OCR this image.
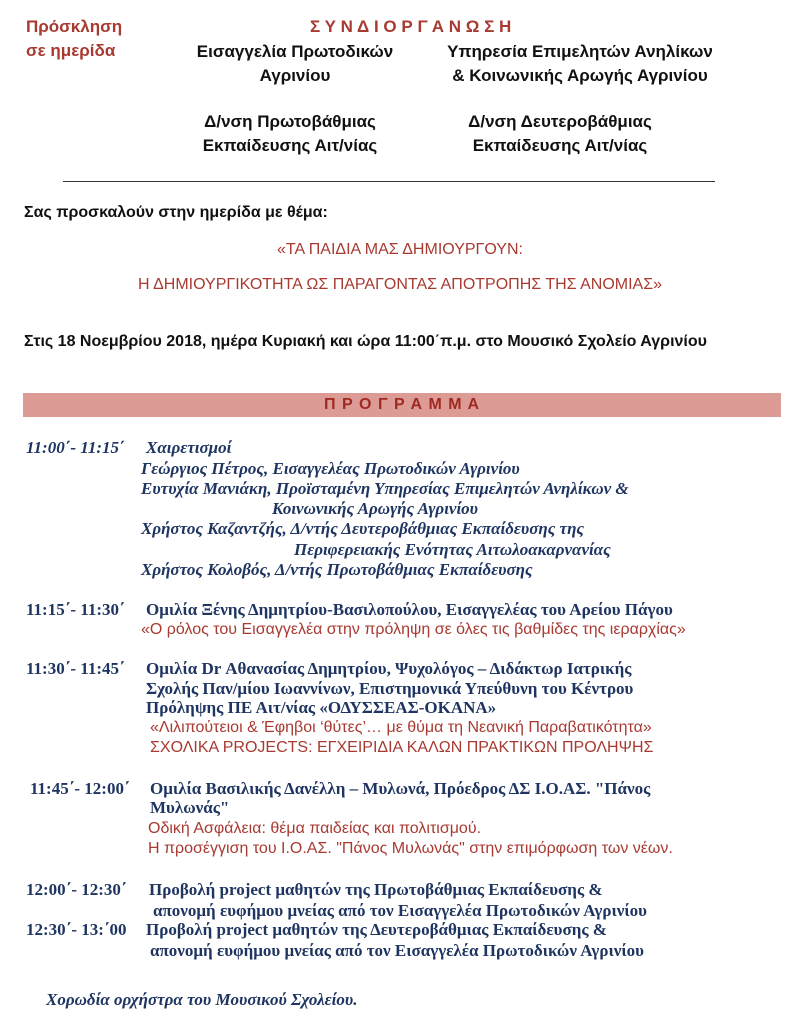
Πρόσκληση
σε ημερίδα
Σ Υ Ν Δ Ι Ο Ρ Γ Α Ν Ω Σ Η
Εισαγγελία Πρωτοδικών
Αγρινίου
Υπηρεσία Επιμελητών Ανηλίκων
& Κοινωνικής Αρωγής Αγρινίου
Δ/νση Πρωτοβάθμιας
Εκπαίδευσης Αιτ/νίας
Δ/νση Δευτεροβάθμιας
Εκπαίδευσης Αιτ/νίας
Σας προσκαλούν στην ημερίδα με θέμα:
«ΤΑ ΠΑΙΔΙΑ ΜΑΣ ΔΗΜΙΟΥΡΓΟΥΝ:
Η ΔΗΜΙΟΥΡΓΙΚΟΤΗΤΑ ΩΣ ΠΑΡΑΓΟΝΤΑΣ ΑΠΟΤΡΟΠΗΣ ΤΗΣ ΑΝΟΜΙΑΣ»
Στις 18 Νοεμβρίου 2018, ημέρα Κυριακή και ώρα 11:00΄π.μ. στο Μουσικό Σχολείο Αγρινίου
Π Ρ Ο Γ Ρ Α Μ Μ Α
11:00΄- 11:15΄ Χαιρετισμοί
Γεώργιος Πέτρος, Εισαγγελέας Πρωτοδικών Αγρινίου
Ευτυχία Μανιάκη, Προϊσταμένη Υπηρεσίας Επιμελητών Ανηλίκων &
Κοινωνικής Αρωγής Αγρινίου
Χρήστος Καζαντζής, Δ/ντής Δευτεροβάθμιας Εκπαίδευσης της
Περιφερειακής Ενότητας Αιτωλοακαρνανίας
Χρήστος Κολοβός, Δ/ντής Πρωτοβάθμιας Εκπαίδευσης
11:15΄- 11:30΄ Ομιλία Ξένης Δημητρίου-Βασιλοπούλου, Εισαγγελέας του Αρείου Πάγου
«Ο ρόλος του Εισαγγελέα στην πρόληψη σε όλες τις βαθμίδες της ιεραρχίας»
11:30΄- 11:45΄ Ομιλία Dr Αθανασίας Δημητρίου, Ψυχολόγος – Διδάκτωρ Ιατρικής
Σχολής Παν/μίου Ιωαννίνων, Επιστημονικά Υπεύθυνη του Κέντρου
Πρόληψης ΠΕ Αιτ/νίας «ΟΔΥΣΣΕΑΣ-ΟΚΑΝΑ»
«Λιλιπούτειοι & Έφηβοι ‘θύτες’… με θύμα τη Νεανική Παραβατικότητα»
ΣΧΟΛΙΚΑ PROJECTS: ΕΓΧΕΙΡΙΔΙΑ ΚΑΛΩΝ ΠΡΑΚΤΙΚΩΝ ΠΡΟΛΗΨΗΣ
11:45΄- 12:00΄ Ομιλία Βασιλικής Δανέλλη – Μυλωνά, Πρόεδρος ΔΣ Ι.Ο.ΑΣ. "Πάνος
Μυλωνάς"
Οδική Ασφάλεια: θέμα παιδείας και πολιτισμού.
Η προσέγγιση του Ι.Ο.ΑΣ. "Πάνος Μυλωνάς" στην επιμόρφωση των νέων.
12:00΄- 12:30΄ Προβολή project μαθητών της Πρωτοβάθμιας Εκπαίδευσης &
απονομή ευφήμου μνείας από τον Εισαγγελέα Πρωτοδικών Αγρινίου
12:30΄- 13:΄00 Προβολή project μαθητών της Δευτεροβάθμιας Εκπαίδευσης &
απονομή ευφήμου μνείας από τον Εισαγγελέα Πρωτοδικών Αγρινίου
Χορωδία ορχήστρα του Μουσικού Σχολείου.
